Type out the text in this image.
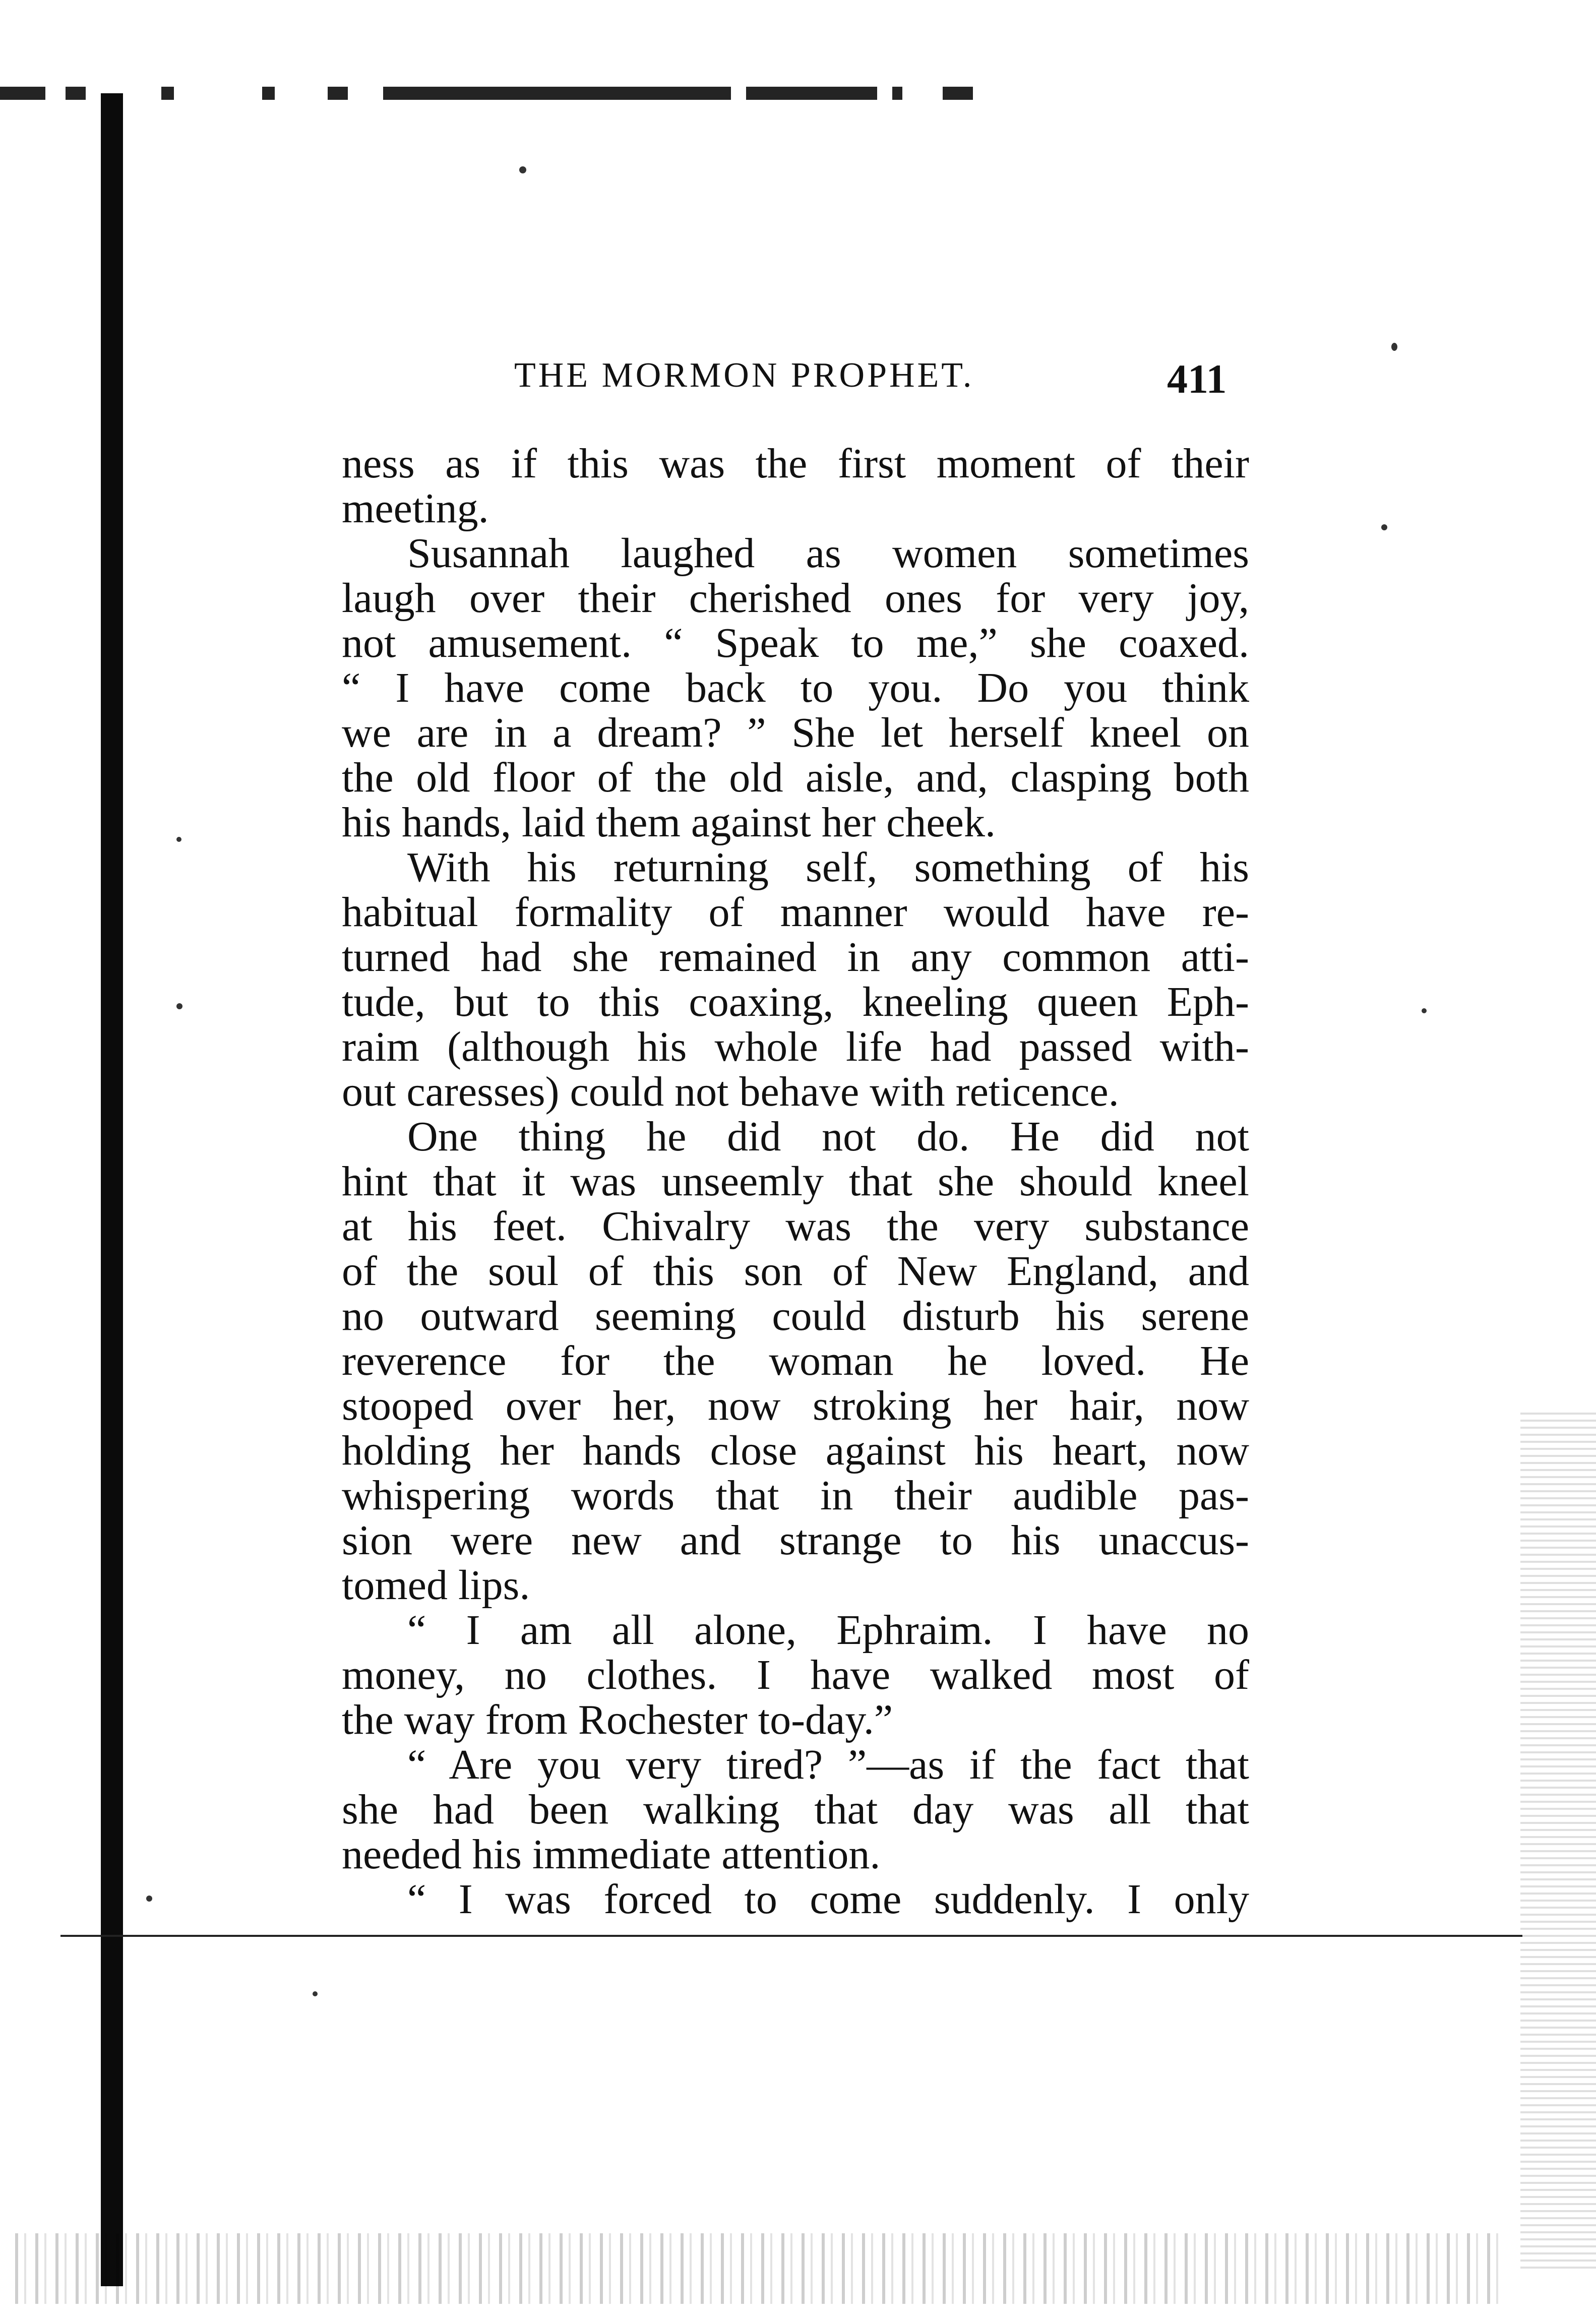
THE MORMON PROPHET.	411
ness as if this was the first moment of their
meeting.
Susannah laughed as women sometimes
laugh over their cherished ones for very joy,
not amusement. “ Speak to me,” she coaxed.
“ I have come back to you. Do you think
we are in a dream? ” She let herself kneel on
the old floor of the old aisle, and, clasping both
his hands, laid them against her cheek.
With his returning self, something of his
habitual formality of manner would have re-
turned had she remained in any common atti-
tude, but to this coaxing, kneeling queen Eph-
raim (although his whole life had passed with-
out caresses) could not behave with reticence.
One thing he did not do. He did not
hint that it was unseemly that she should kneel
at his feet. Chivalry was the very substance
of the soul of this son of New England, and
no outward seeming could disturb his serene
reverence for the woman he loved. He
stooped over her, now stroking her hair, now
holding her hands close against his heart, now
whispering words that in their audible pas-
sion were new and strange to his unaccus-
tomed lips.
“ I am all alone, Ephraim. I have no
money, no clothes. I have walked most of
the way from Rochester to-day.”
“ Are you very tired? ”—as if the fact that
she had been walking that day was all that
needed his immediate attention.
“ I was forced to come suddenly. I only
